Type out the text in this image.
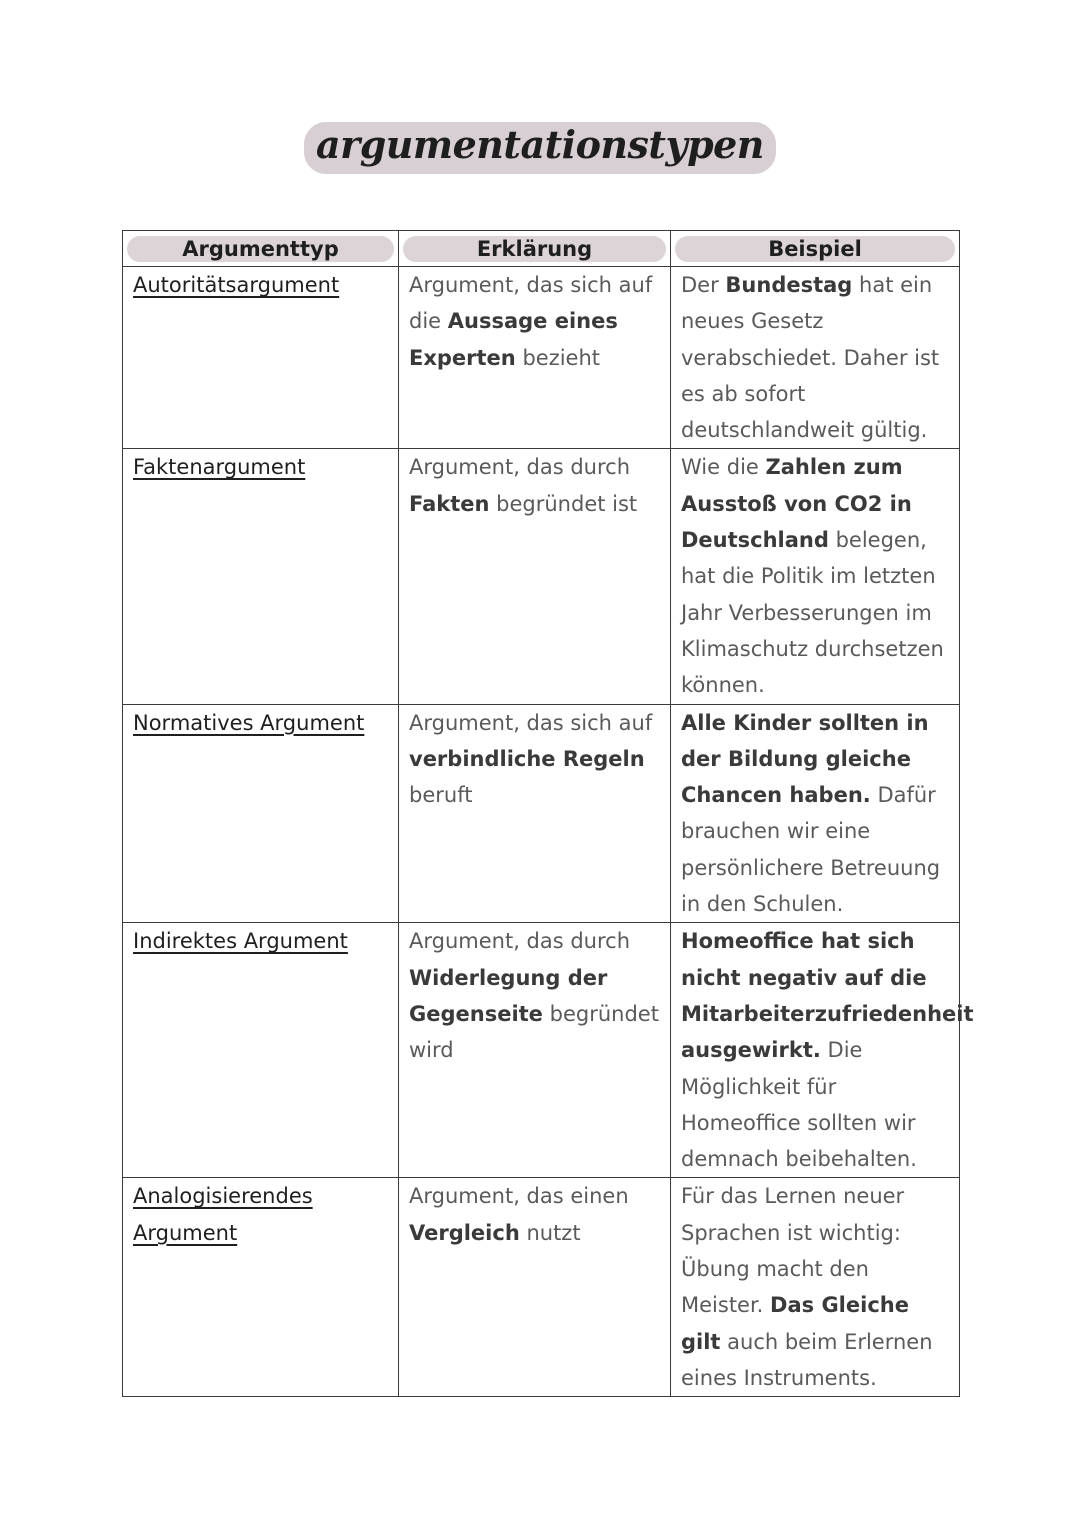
argumentationstypen
Argumenttyp	Erklärung	Beispiel

Autoritätsargument	Argument, das sich auf die Aussage eines Experten bezieht	Der Bundestag hat ein neues Gesetz verabschiedet. Daher ist es ab sofort deutschlandweit gültig.
Faktenargument	Argument, das durch Fakten begründet ist	Wie die Zahlen zum Ausstoß von CO2 in Deutschland belegen, hat die Politik im letzten Jahr Verbesserungen im Klimaschutz durchsetzen können.
Normatives Argument	Argument, das sich auf verbindliche Regeln beruft	Alle Kinder sollten in der Bildung gleiche Chancen haben. Dafür brauchen wir eine persönlichere Betreuung in den Schulen.
Indirektes Argument	Argument, das durch Widerlegung der Gegenseite begründet wird	Homeoffice hat sich nicht negativ auf die Mitarbeiterzufriedenheit ausgewirkt. Die Möglichkeit für Homeoffice sollten wir demnach beibehalten.
Analogisierendes Argument	Argument, das einen Vergleich nutzt	Für das Lernen neuer Sprachen ist wichtig: Übung macht den Meister. Das Gleiche gilt auch beim Erlernen eines Instruments.
